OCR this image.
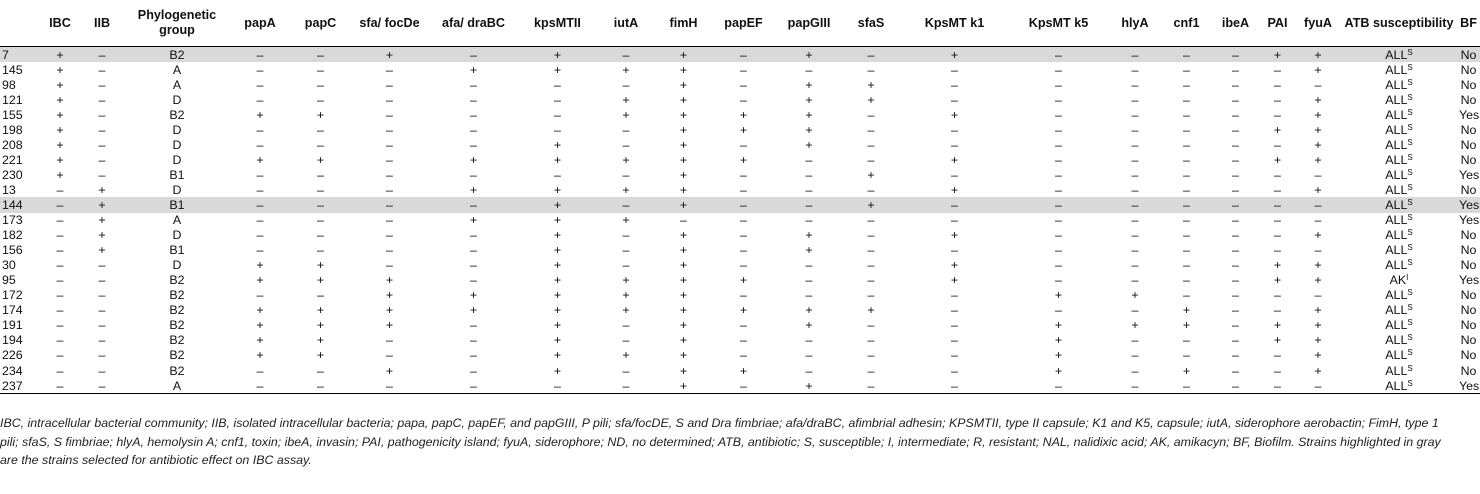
	IBC	IIB	Phylogenetic group	papA	papC	sfa/ focDe	afa/ draBC	kpsMTII	iutA	fimH	papEF	papGIII	sfaS	KpsMT k1	KpsMT k5	hlyA	cnf1	ibeA	PAI	fyuA	ATB susceptibility	BF
7	+	–	B2	–	–	+	–	+	–	+	–	+	–	+	–	–	–	–	+	+	$ALL^S$	No
145	+	–	A	–	–	–	+	+	+	+	–	–	–	–	–	–	–	–	–	+	$ALL^S$	No
98	+	–	A	–	–	–	–	–	–	+	–	+	+	–	–	–	–	–	–	–	$ALL^S$	No
121	+	–	D	–	–	–	–	–	+	+	–	+	+	–	–	–	–	–	–	+	$ALL^S$	No
155	+	–	B2	+	+	–	–	–	+	+	+	+	–	+	–	–	–	–	–	+	$ALL^S$	Yes
198	+	–	D	–	–	–	–	–	–	+	+	+	–	–	–	–	–	–	+	+	$ALL^S$	No
208	+	–	D	–	–	–	–	+	–	+	–	+	–	–	–	–	–	–	–	+	$ALL^S$	No
221	+	–	D	+	+	–	+	+	+	+	+	–	–	+	–	–	–	–	+	+	$ALL^S$	No
230	+	–	B1	–	–	–	–	–	–	+	–	–	+	–	–	–	–	–	–	–	$ALL^S$	Yes
13	–	+	D	–	–	–	+	+	+	+	–	–	–	+	–	–	–	–	–	+	$ALL^S$	No
144	–	+	B1	–	–	–	–	+	–	+	–	–	+	–	–	–	–	–	–	–	$ALL^S$	Yes
173	–	+	A	–	–	–	+	+	+	–	–	–	–	–	–	–	–	–	–	–	$ALL^S$	Yes
182	–	+	D	–	–	–	–	+	–	+	–	+	–	+	–	–	–	–	–	+	$ALL^S$	No
156	–	+	B1	–	–	–	–	+	–	+	–	+	–	–	–	–	–	–	–	–	$ALL^S$	No
30	–	–	D	+	+	–	–	+	–	+	–	–	–	+	–	–	–	–	+	+	$ALL^S$	No
95	–	–	B2	+	+	+	–	+	+	+	+	–	–	+	–	–	–	–	+	+	$AK^I$	Yes
172	–	–	B2	–	–	+	+	+	+	+	–	–	–	–	+	+	–	–	–	–	$ALL^S$	No
174	–	–	B2	+	+	+	+	+	+	+	+	+	+	–	–	–	+	–	–	+	$ALL^S$	No
191	–	–	B2	+	+	+	–	+	–	+	–	+	–	–	+	+	+	–	+	+	$ALL^S$	No
194	–	–	B2	+	+	–	–	+	–	+	–	–	–	–	+	–	–	–	+	+	$ALL^S$	No
226	–	–	B2	+	+	–	–	+	+	+	–	–	–	–	+	–	–	–	–	+	$ALL^S$	No
234	–	–	B2	–	–	+	–	+	–	+	+	–	–	–	+	–	+	–	–	+	$ALL^S$	No
237	–	–	A	–	–	–	–	–	–	+	–	+	–	–	–	–	–	–	–	–	$ALL^S$	Yes
IBC, intracellular bacterial community; IIB, isolated intracellular bacteria; papa, papC, papEF, and papGIII, P pili; sfa/focDE, S and Dra fimbriae; afa/draBC, afimbrial adhesin; KPSMTII, type II capsule; K1 and K5, capsule; iutA, siderophore aerobactin; FimH, type 1 pili; sfaS, S fimbriae; hlyA, hemolysin A; cnf1, toxin; ibeA, invasin; PAI, pathogenicity island; fyuA, siderophore; ND, no determined; ATB, antibiotic; S, susceptible; I, intermediate; R, resistant; NAL, nalidixic acid; AK, amikacyn; BF, Biofilm. Strains highlighted in gray are the strains selected for antibiotic effect on IBC assay.
